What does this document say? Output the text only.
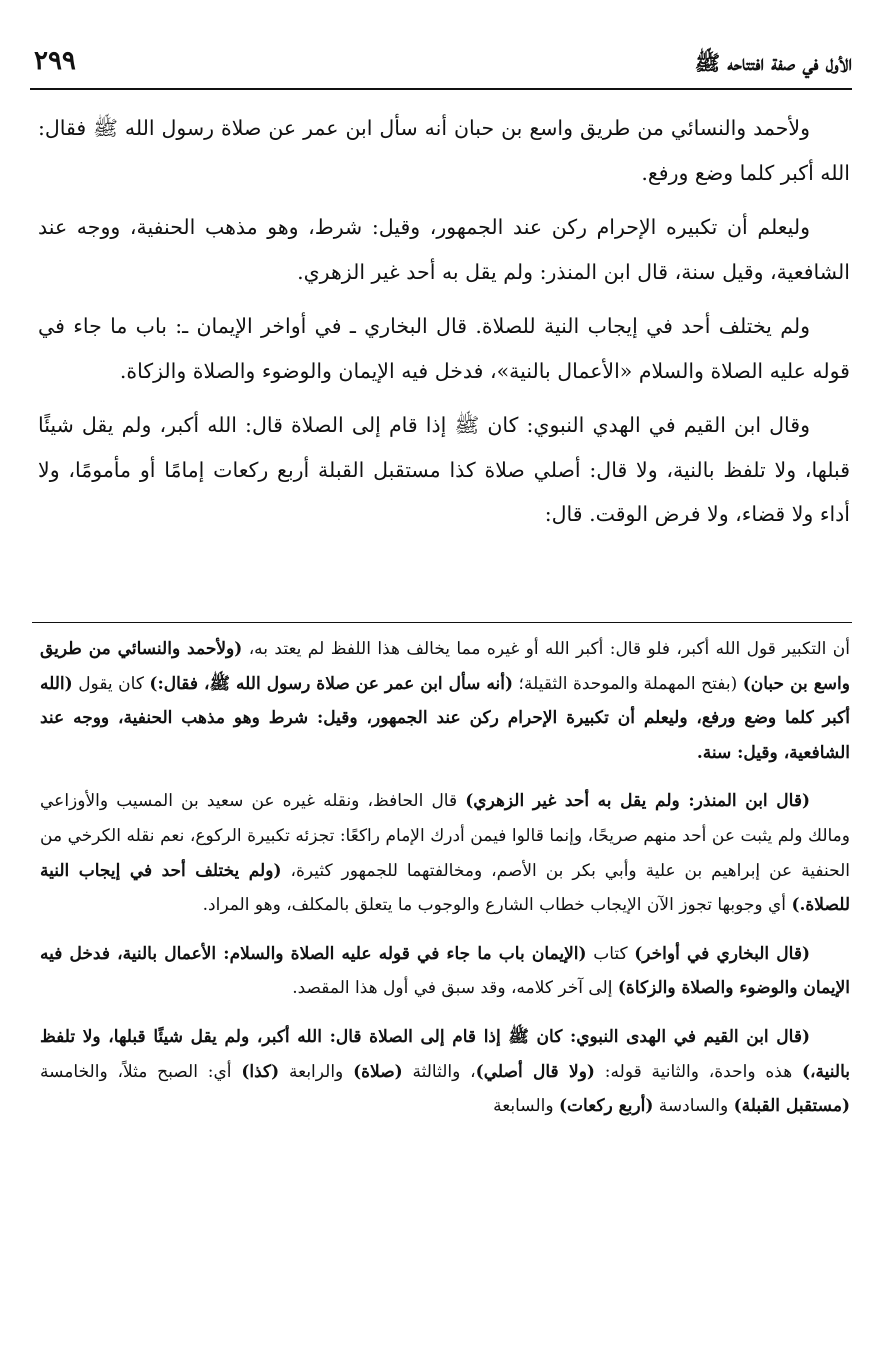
الأول في صفة افتتاحه ﷺ
٢٩٩

ولأحمد والنسائي من طريق واسع بن حبان أنه سأل ابن عمر عن صلاة رسول الله ﷺ فقال: الله أكبر كلما وضع ورفع.

وليعلم أن تكبيره الإحرام ركن عند الجمهور، وقيل: شرط، وهو مذهب الحنفية، ووجه عند الشافعية، وقيل سنة، قال ابن المنذر: ولم يقل به أحد غير الزهري.

ولم يختلف أحد في إيجاب النية للصلاة. قال البخاري ـ في أواخر الإيمان ـ: باب ما جاء في قوله عليه الصلاة والسلام «الأعمال بالنية»، فدخل فيه الإيمان والوضوء والصلاة والزكاة.

وقال ابن القيم في الهدي النبوي: كان ﷺ إذا قام إلى الصلاة قال: الله أكبر، ولم يقل شيئًا قبلها، ولا تلفظ بالنية، ولا قال: أصلي صلاة كذا مستقبل القبلة أربع ركعات إمامًا أو مأمومًا، ولا أداء ولا قضاء، ولا فرض الوقت. قال:

أن التكبير قول الله أكبر، فلو قال: أكبر الله أو غيره مما يخالف هذا اللفظ لم يعتد به، (ولأحمد والنسائي من طريق واسع بن حبان) (بفتح المهملة والموحدة الثقيلة؛ (أنه سأل ابن عمر عن صلاة رسول الله ﷺ، فقال:) كان يقول (الله أكبر كلما وضع ورفع، وليعلم أن تكبيرة الإحرام ركن عند الجمهور، وقيل: شرط وهو مذهب الحنفية، ووجه عند الشافعية، وقيل: سنة.

(قال ابن المنذر: ولم يقل به أحد غير الزهري) قال الحافظ، ونقله غيره عن سعيد بن المسيب والأوزاعي ومالك ولم يثبت عن أحد منهم صريحًا، وإنما قالوا فيمن أدرك الإمام راكعًا: تجزئه تكبيرة الركوع، نعم نقله الكرخي من الحنفية عن إبراهيم بن علية وأبي بكر بن الأصم، ومخالفتهما للجمهور كثيرة، (ولم يختلف أحد في إيجاب النية للصلاة.) أي وجوبها تجوز الآن الإيجاب خطاب الشارع والوجوب ما يتعلق بالمكلف، وهو المراد.

(قال البخاري في أواخر) كتاب (الإيمان باب ما جاء في قوله عليه الصلاة والسلام: الأعمال بالنية، فدخل فيه الإيمان والوضوء والصلاة والزكاة) إلى آخر كلامه، وقد سبق في أول هذا المقصد.

(قال ابن القيم في الهدى النبوي: كان ﷺ إذا قام إلى الصلاة قال: الله أكبر، ولم يقل شيئًا قبلها، ولا تلفظ بالنية،) هذه واحدة، والثانية قوله: (ولا قال أصلي)، والثالثة (صلاة) والرابعة (كذا) أي: الصبح مثلاً، والخامسة (مستقبل القبلة) والسادسة (أربع ركعات) والسابعة
